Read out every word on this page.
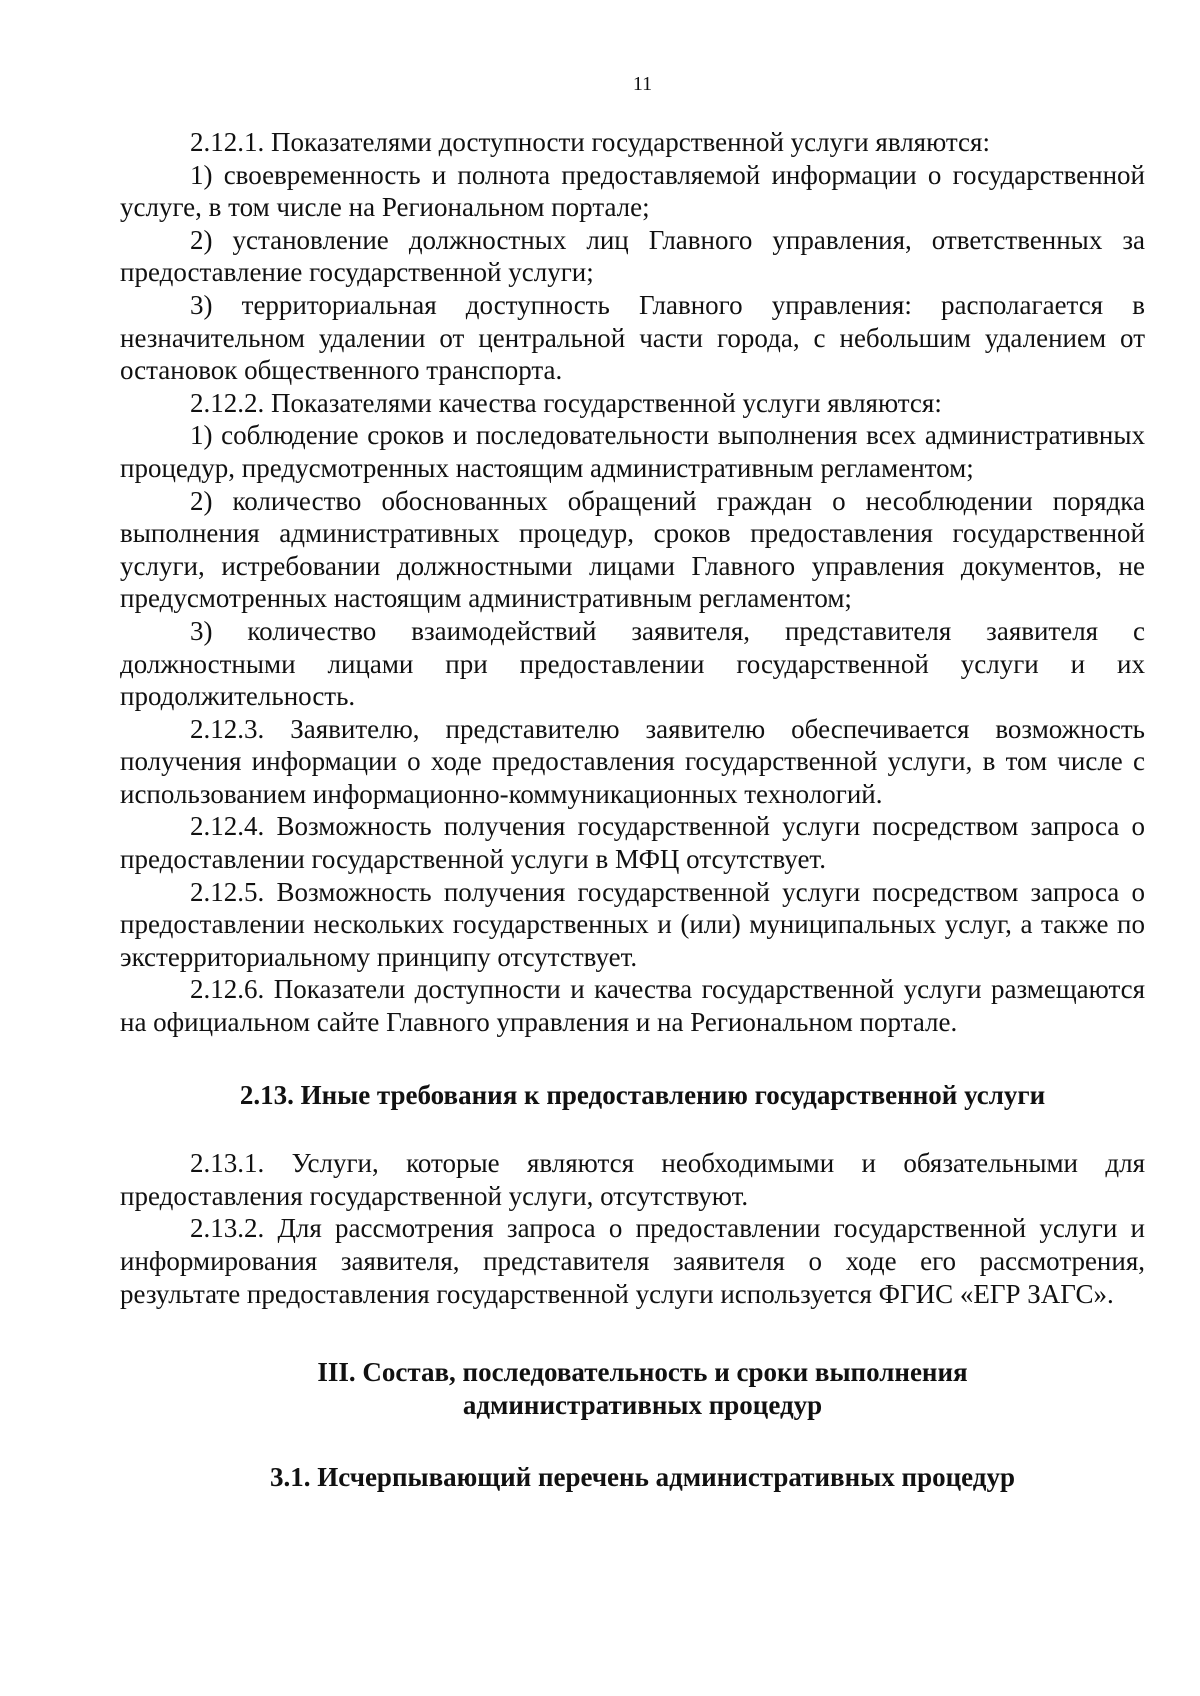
11

2.12.1. Показателями доступности государственной услуги являются:

1) своевременность и полнота предоставляемой информации о государственной услуге, в том числе на Региональном портале;

2) установление должностных лиц Главного управления, ответственных за предоставление государственной услуги;

3) территориальная доступность Главного управления: располагается в незначительном удалении от центральной части города, с небольшим удалением от остановок общественного транспорта.

2.12.2. Показателями качества государственной услуги являются:

1) соблюдение сроков и последовательности выполнения всех административных процедур, предусмотренных настоящим административным регламентом;

2) количество обоснованных обращений граждан о несоблюдении порядка выполнения административных процедур, сроков предоставления государственной услуги, истребовании должностными лицами Главного управления документов, не предусмотренных настоящим административным регламентом;

3) количество взаимодействий заявителя, представителя заявителя с должностными лицами при предоставлении государственной услуги и их продолжительность.

2.12.3. Заявителю, представителю заявителю обеспечивается возможность получения информации о ходе предоставления государственной услуги, в том числе с использованием информационно-коммуникационных технологий.

2.12.4. Возможность получения государственной услуги посредством запроса о предоставлении государственной услуги в МФЦ отсутствует.

2.12.5. Возможность получения государственной услуги посредством запроса о предоставлении нескольких государственных и (или) муниципальных услуг, а также по экстерриториальному принципу отсутствует.

2.12.6. Показатели доступности и качества государственной услуги размещаются на официальном сайте Главного управления и на Региональном портале.

2.13. Иные требования к предоставлению государственной услуги

2.13.1. Услуги, которые являются необходимыми и обязательными для предоставления государственной услуги, отсутствуют.

2.13.2. Для рассмотрения запроса о предоставлении государственной услуги и информирования заявителя, представителя заявителя о ходе его рассмотрения, результате предоставления государственной услуги используется ФГИС «ЕГР ЗАГС».

III. Состав, последовательность и сроки выполнения
административных процедур
3.1. Исчерпывающий перечень административных процедур
